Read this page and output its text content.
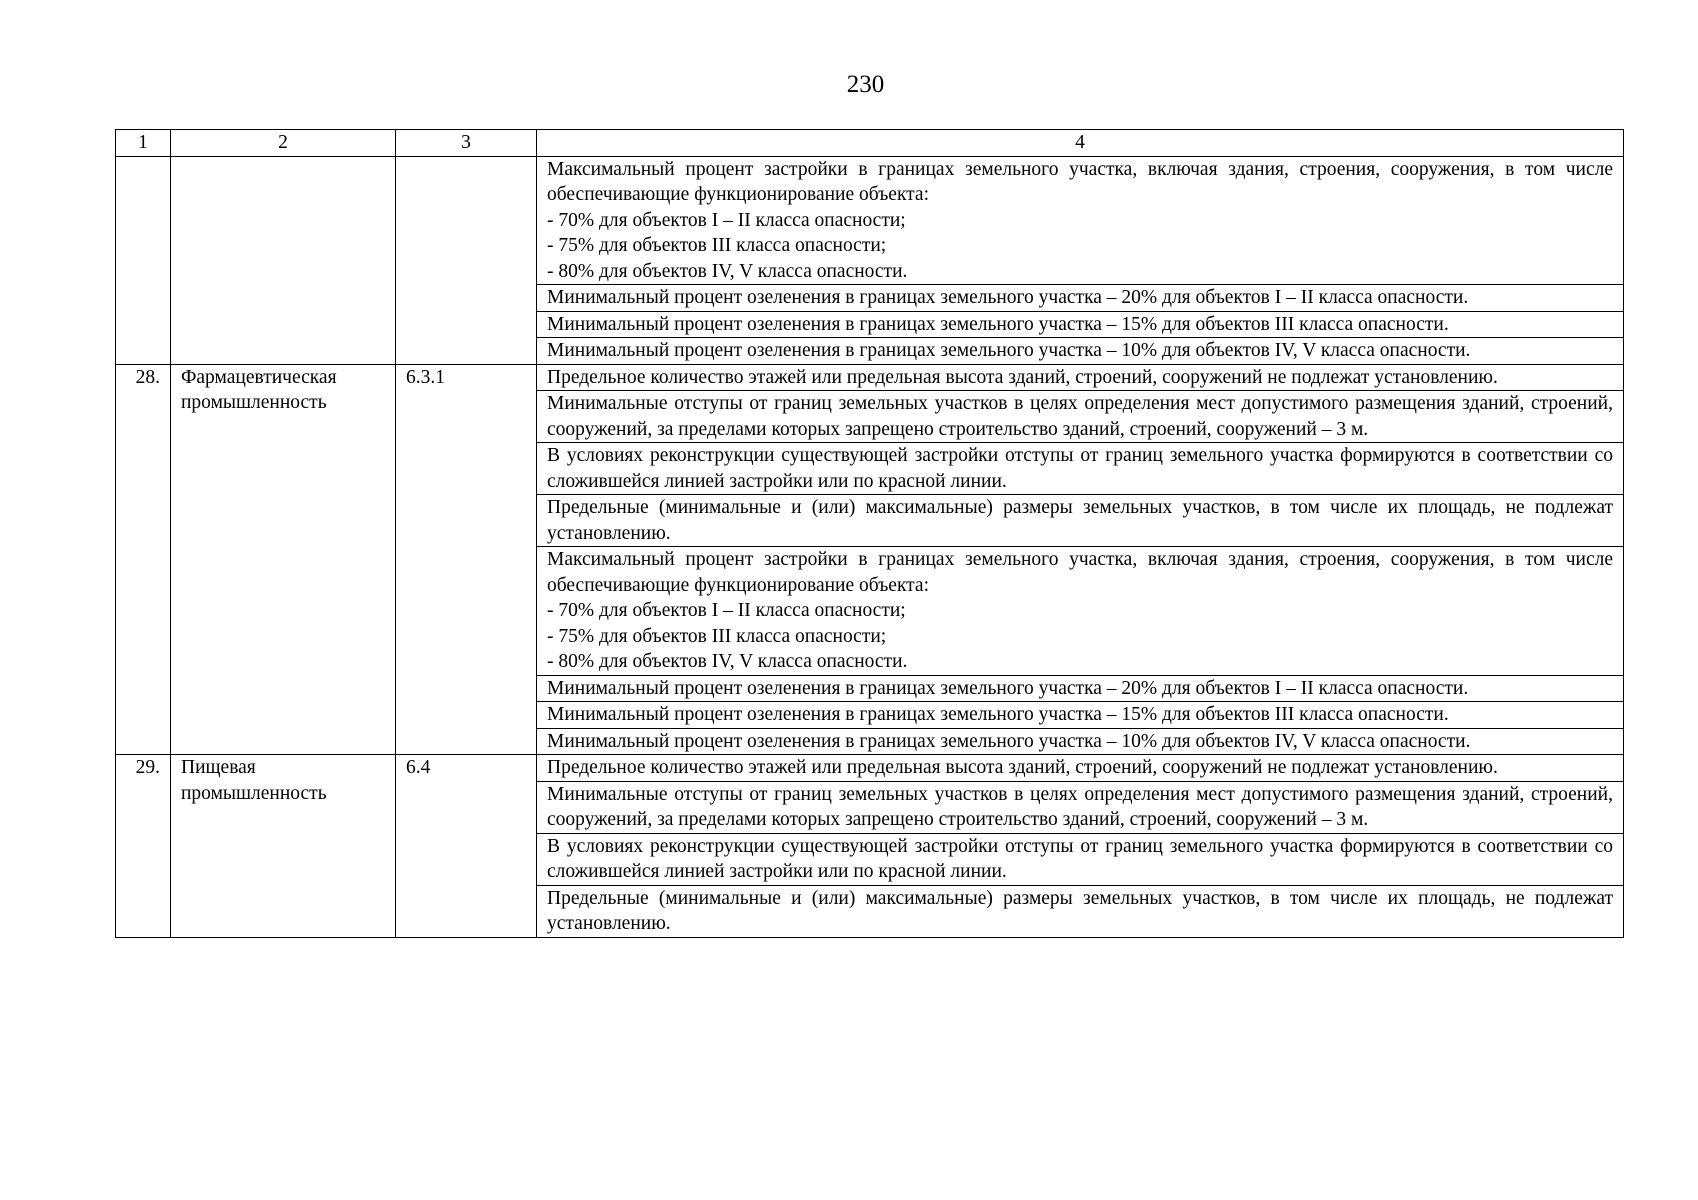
230
1	2	3	4

			Максимальный процент застройки в границах земельного участка, включая здания, строения, сооружения, в том числе обеспечивающие функционирование объекта:
- 70% для объектов I – II класса опасности;
- 75% для объектов III класса опасности;
- 80% для объектов IV, V класса опасности.

			Минимальный процент озеленения в границах земельного участка – 20% для объектов I – II класса опасности.
			Минимальный процент озеленения в границах земельного участка – 15% для объектов III класса опасности.
			Минимальный процент озеленения в границах земельного участка – 10% для объектов IV, V класса опасности.
28.	Фармацевтическая промышленность	6.3.1	Предельное количество этажей или предельная высота зданий, строений, сооружений не подлежат установлению.
			Минимальные отступы от границ земельных участков в целях определения мест допустимого размещения зданий, строений, сооружений, за пределами которых запрещено строительство зданий, строений, сооружений – 3 м.
			В условиях реконструкции существующей застройки отступы от границ земельного участка формируются в соответствии со сложившейся линией застройки или по красной линии.
			Предельные (минимальные и (или) максимальные) размеры земельных участков, в том числе их площадь, не подлежат установлению.

			Максимальный процент застройки в границах земельного участка, включая здания, строения, сооружения, в том числе обеспечивающие функционирование объекта:
- 70% для объектов I – II класса опасности;
- 75% для объектов III класса опасности;
- 80% для объектов IV, V класса опасности.

			Минимальный процент озеленения в границах земельного участка – 20% для объектов I – II класса опасности.
			Минимальный процент озеленения в границах земельного участка – 15% для объектов III класса опасности.
			Минимальный процент озеленения в границах земельного участка – 10% для объектов IV, V класса опасности.
29.	Пищевая промышленность	6.4	Предельное количество этажей или предельная высота зданий, строений, сооружений не подлежат установлению.
			Минимальные отступы от границ земельных участков в целях определения мест допустимого размещения зданий, строений, сооружений, за пределами которых запрещено строительство зданий, строений, сооружений – 3 м.
			В условиях реконструкции существующей застройки отступы от границ земельного участка формируются в соответствии со сложившейся линией застройки или по красной линии.
			Предельные (минимальные и (или) максимальные) размеры земельных участков, в том числе их площадь, не подлежат установлению.
